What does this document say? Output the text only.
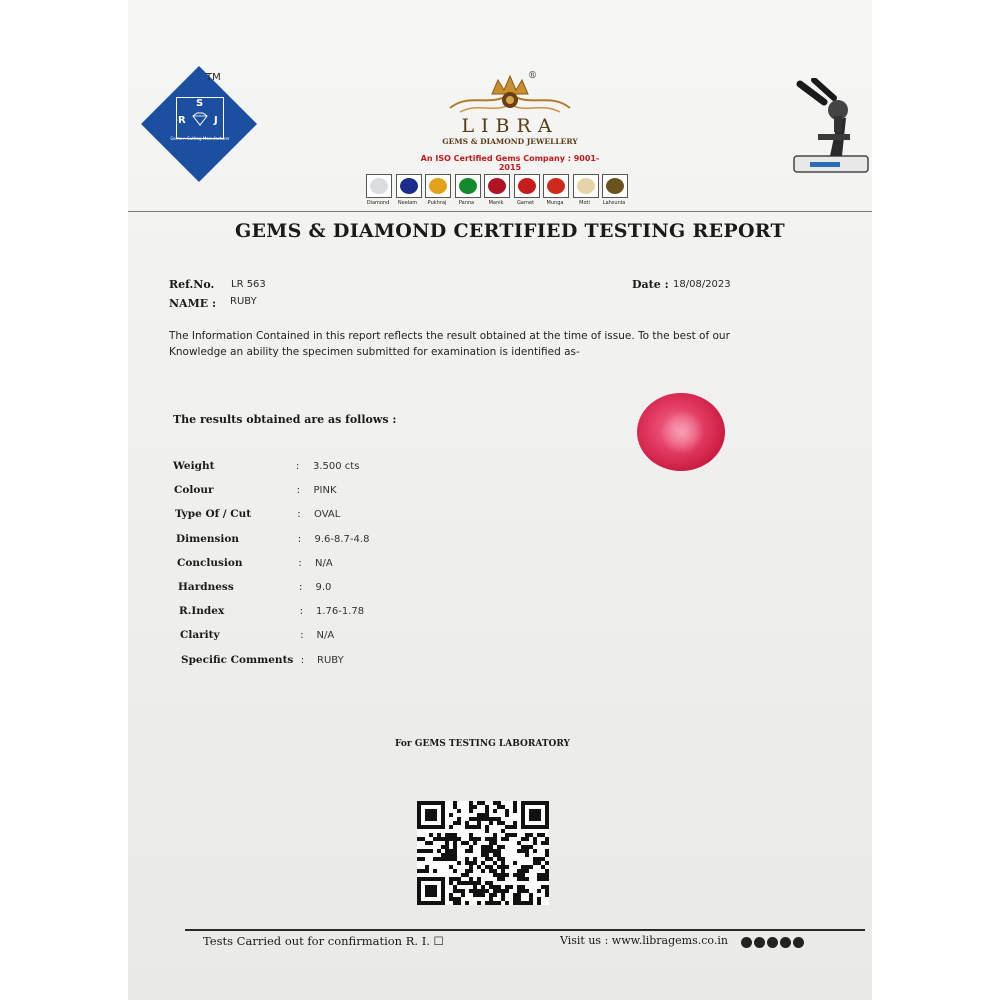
S
R	J
Gems n Cutting Manufacturer
TM	®
LIBRA
GEMS & DIAMOND JEWELLERY
An ISO Certified Gems Company : 9001-2015
Diamond	Neelam	Pukhraj	Panna	Manik	Garnet	Munga	Moti	Lahsunia
GEMS & DIAMOND CERTIFIED TESTING REPORT
Ref.No. LR 563
NAME : RUBY
Date : 18/08/2023
The Information Contained in this report reflects the result obtained at the time of issue. To the best of our Knowledge an ability the specimen submitted for examination is identified as-
The results obtained are as follows :
Weight	: 3.500 cts
Colour	: PINK
Type Of / Cut	: OVAL
Dimension	: 9.6-8.7-4.8
Conclusion	: N/A
Hardness	: 9.0
R.Index	: 1.76-1.78
Clarity	: N/A
Specific Comments : RUBY
For GEMS TESTING LABORATORY
Tests Carried out for confirmation R. I. ☐	Visit us : www.libragems.co.in
